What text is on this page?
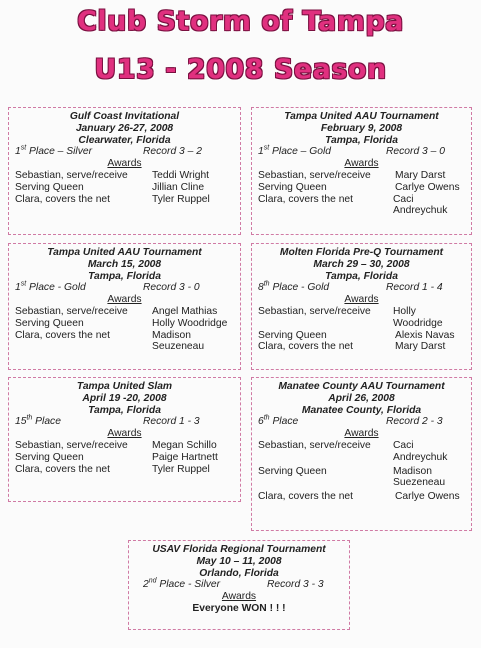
Club Storm of Tampa
U13 - 2008 Season
Gulf Coast Invitational
January 26-27, 2008
Clearwater, Florida
1st Place – Silver	Record 3 – 2
Awards
Sebastian, serve/receive	Teddi Wright
Serving Queen	Jillian Cline
Clara, covers the net	Tyler Ruppel
Tampa United AAU Tournament
February 9, 2008
Tampa, Florida
1st Place – Gold	Record 3 – 0
Awards
Sebastian, serve/receive	Mary Darst
Serving Queen	Carlye Owens
Clara, covers the net	Caci Andreychuk
Tampa United AAU Tournament
March 15, 2008
Tampa, Florida
1st Place - Gold	Record 3 - 0
Awards
Sebastian, serve/receive	Angel Mathias
Serving Queen	Holly Woodridge
Clara, covers the net	Madison Seuzeneau
Molten Florida Pre-Q Tournament
March 29 – 30, 2008
Tampa, Florida
8th Place - Gold	Record 1 - 4
Awards
Sebastian, serve/receive	Holly Woodridge
Serving Queen	Alexis Navas
Clara, covers the net	Mary Darst
Tampa United Slam
April 19 -20, 2008
Tampa, Florida
15th Place	Record 1 - 3
Awards
Sebastian, serve/receive	Megan Schillo
Serving Queen	Paige Hartnett
Clara, covers the net	Tyler Ruppel
Manatee County AAU Tournament
April 26, 2008
Manatee County, Florida
6th Place	Record 2 - 3
Awards
Sebastian, serve/receive	Caci Andreychuk
Serving Queen	Madison Suezeneau
Clara, covers the net	Carlye Owens
USAV Florida Regional Tournament
May 10 – 11, 2008
Orlando, Florida
2nd Place - Silver	Record 3 - 3
Awards
Everyone WON ! ! !
